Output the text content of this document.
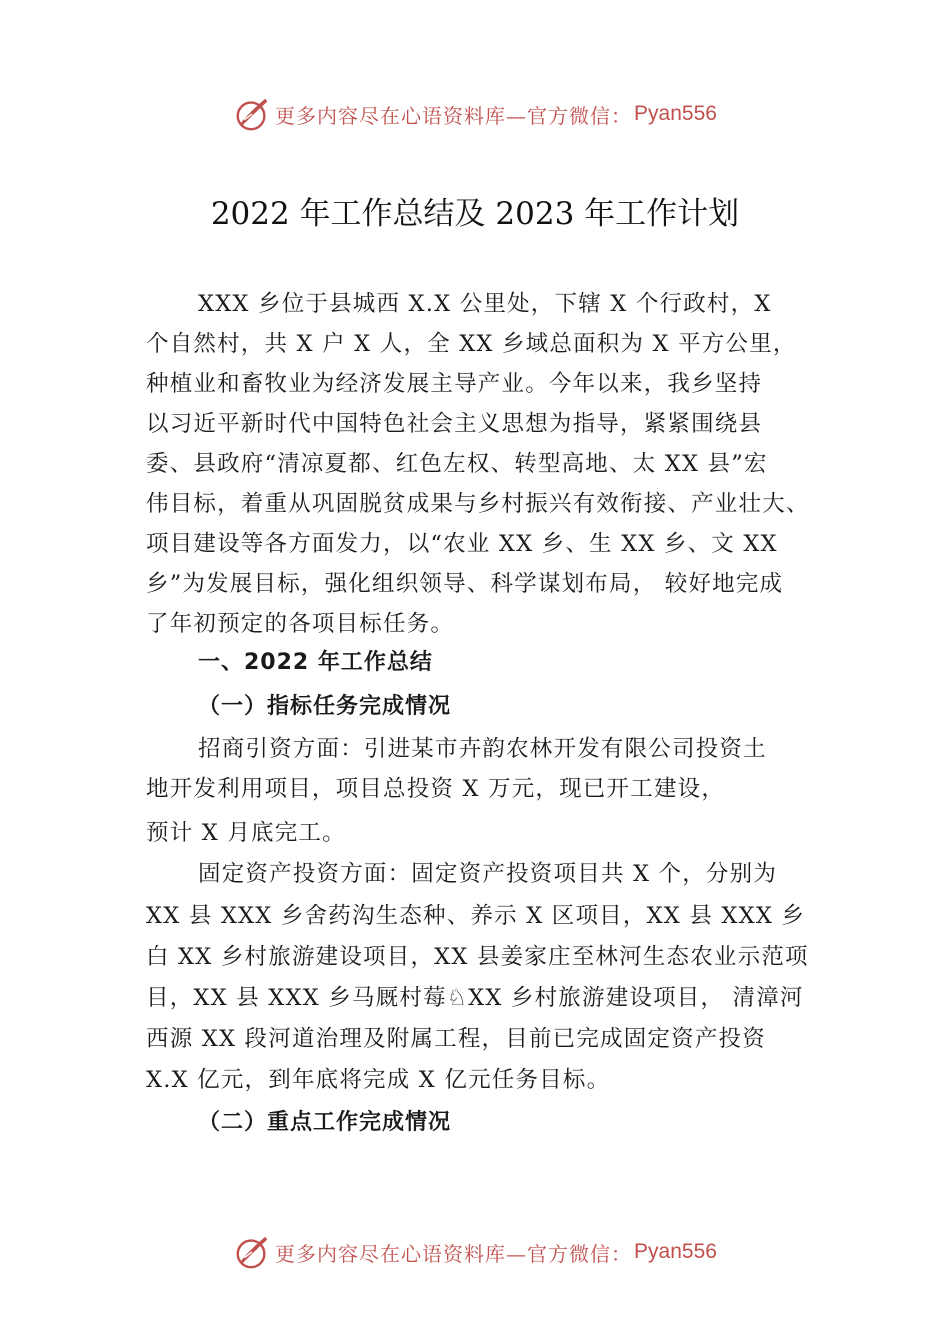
更多内容尽在心语资料库—官方微信： Pyan556
2022 年工作总结及 2023 年工作计划
XXX 乡位于县城西 X.X 公里处，下辖 X 个行政村，X
个自然村，共 X 户 X 人，全 XX 乡域总面积为 X 平方公里，
种植业和畜牧业为经济发展主导产业。今年以来，我乡坚持
以习近平新时代中国特色社会主义思想为指导，紧紧围绕县
委、县政府“清凉夏都、红色左权、转型高地、太 XX 县”宏
伟目标，着重从巩固脱贫成果与乡村振兴有效衔接、产业壮大、
项目建设等各方面发力，以“农业 XX 乡、生 XX 乡、文 XX
乡”为发展目标，强化组织领导、科学谋划布局， 较好地完成
了年初预定的各项目标任务。
一、2022 年工作总结
（一）指标任务完成情况
招商引资方面：引进某市卉韵农林开发有限公司投资土
地开发利用项目，项目总投资 X 万元，现已开工建设，
预计 X 月底完工。
固定资产投资方面：固定资产投资项目共 X 个，分别为
XX 县 XXX 乡舍药沟生态种、养示 X 区项目，XX 县 XXX 乡
白 XX 乡村旅游建设项目，XX 县姜家庄至林河生态农业示范项
目，XX 县 XXX 乡马厩村莓♘XX 乡村旅游建设项目， 清漳河
西源 XX 段河道治理及附属工程，目前已完成固定资产投资
X.X 亿元，到年底将完成 X 亿元任务目标。
（二）重点工作完成情况
更多内容尽在心语资料库—官方微信： Pyan556
